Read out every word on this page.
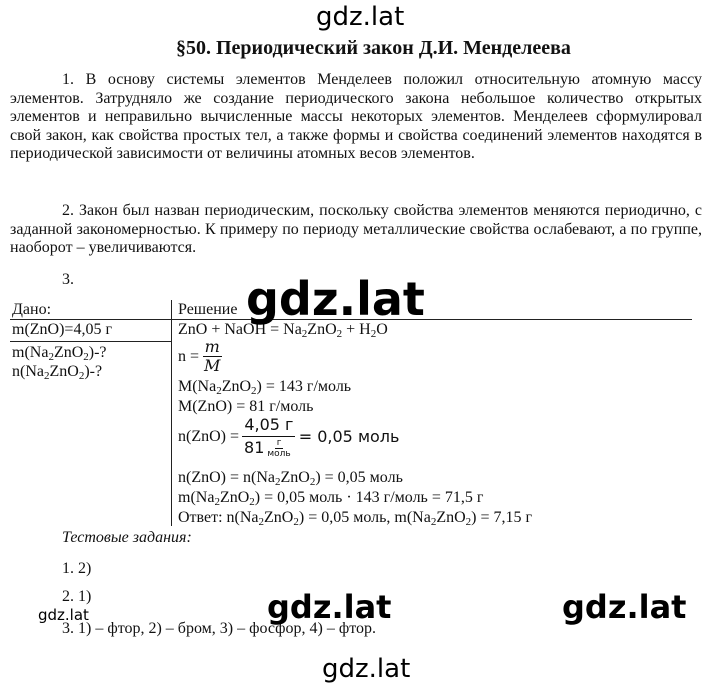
gdz.lat
§50. Периодический закон Д.И. Менделеева

1. В основу системы элементов Менделеев положил относительную атомную массу элементов. Затрудняло же создание периодического закона небольшое количество открытых элементов и неправильно вычисленные массы некоторых элементов. Менделеев сформулировал свой закон, как свойства простых тел, а также формы и свойства соединений элементов находятся в периодической зависимости от величины атомных весов элементов.

2. Закон был назван периодическим, поскольку свойства элементов меняются периодично, с заданной закономерностью. К примеру по периоду металлические свойства ослабевают, а по группе, наоборот – увеличиваются.

3.
Дано:
m(ZnO)=4,05 г
$m(Na_2ZnO_2)-$?
$n(Na_2ZnO_2)-$?
Решение
ZnO + NaOH = $Na_2ZnO_2 + H_2O$
$n = \frac{m}{M}$
$M(Na_2ZnO_2) = 143$ г/моль
M(ZnO) = 81 г/моль
$n(ZnO) = \frac{4,05 г}{81 \frac{г}{\text{моль}}} = 0,05$ моль
$n(ZnO) = n(Na_2ZnO_2) = 0,05$ моль
$m(Na_2ZnO_2) = 0,05$ моль · 143 г/моль = 71,5 г
Ответ: $n(Na_2ZnO_2) = 0,05$ моль, $m(Na_2ZnO_2) = 7,15$ г
Тестовые задания:
1. 2)
2. 1)
3. 1) – фтор, 2) – бром, 3) – фосфор, 4) – фтор.
gdz.lat
gdz.lat	gdz.lat
gdz.lat
gdz.lat
